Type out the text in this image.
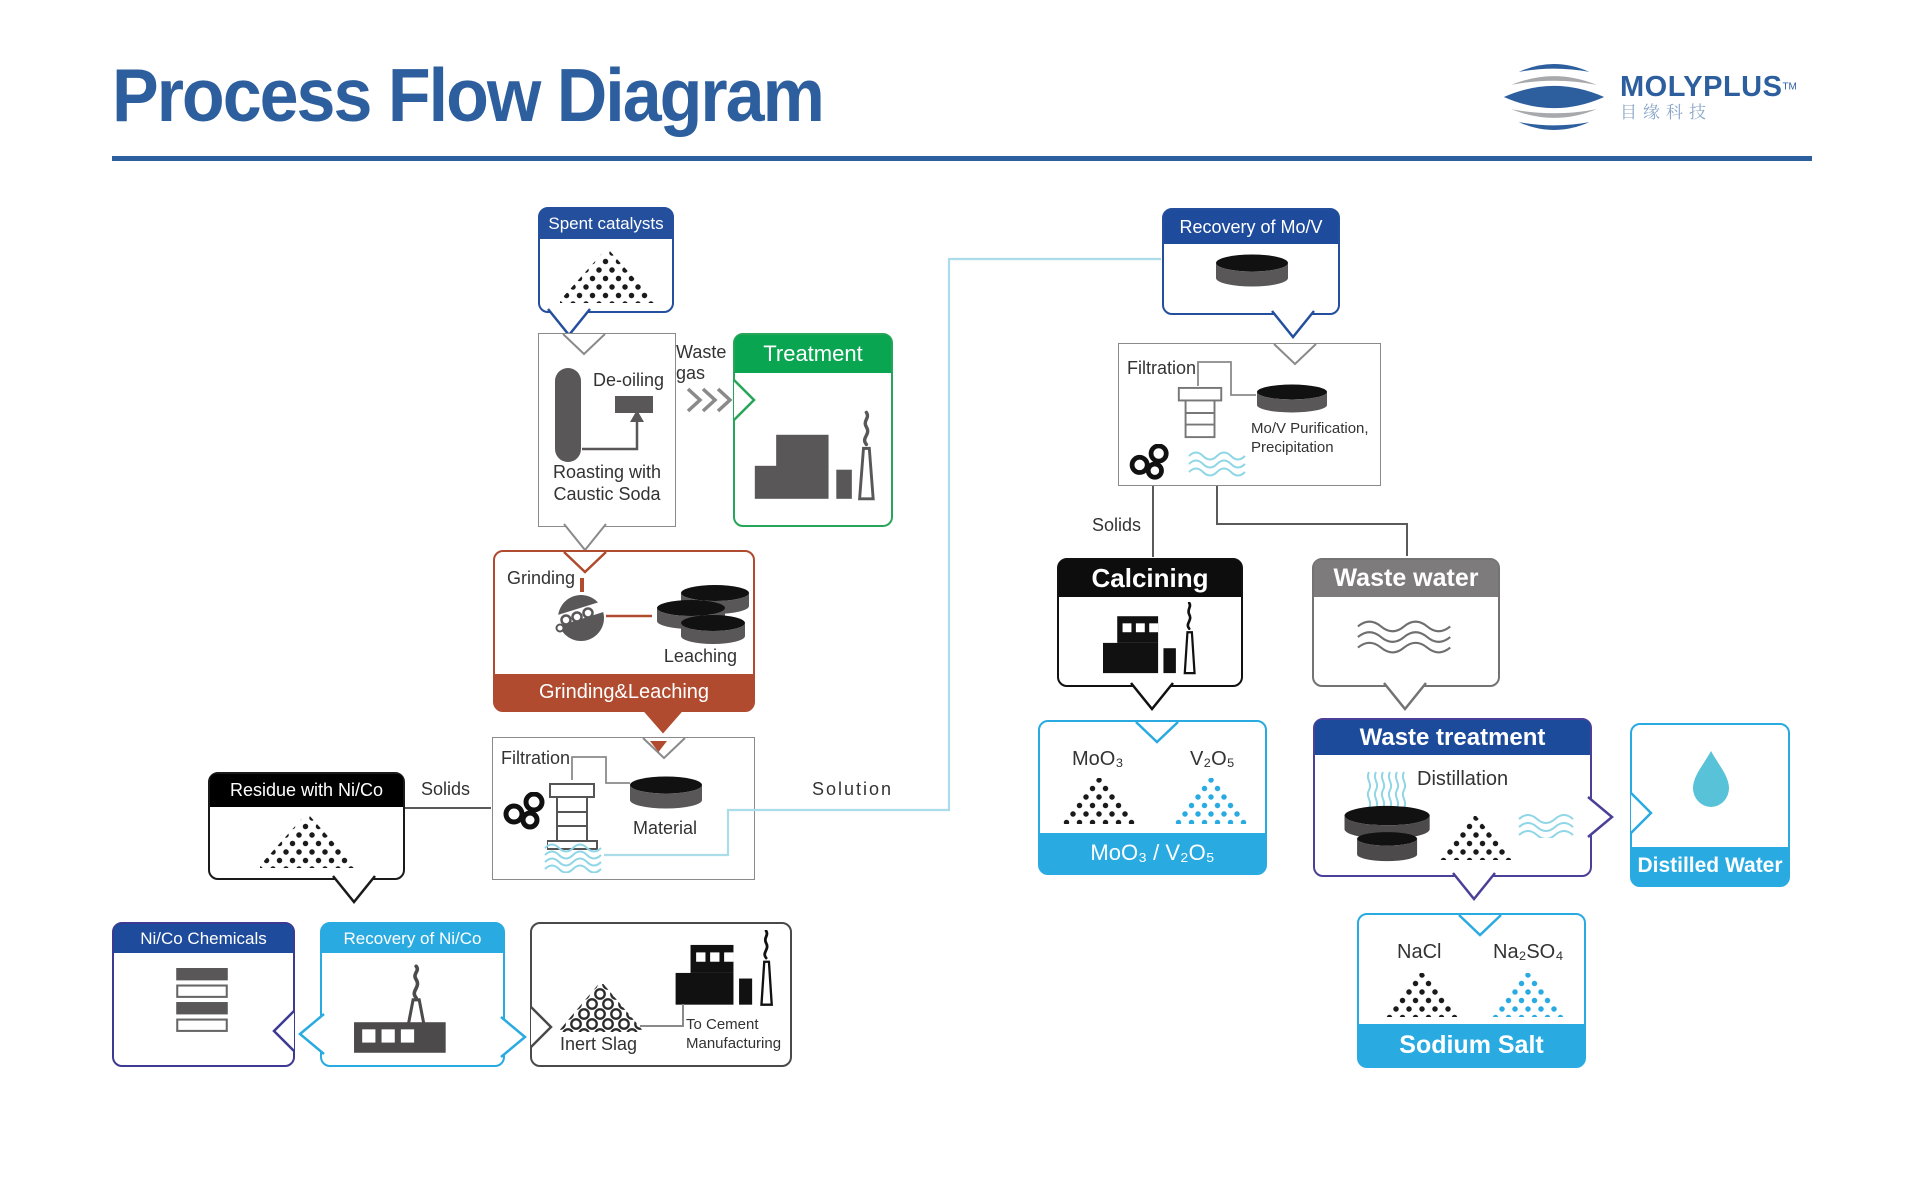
Process Flow Diagram	MOLYPLUS™
目缘科技
Waste gas
Solids	Solution
Solids
Spent catalysts
De-oiling
Roasting with Caustic Soda
Treatment
Grinding
Leaching
Grinding&Leaching
Filtration
Material
Residue with Ni/Co
Ni/Co Chemicals	Recovery of Ni/Co
Inert Slag
To Cement Manufacturing
Recovery of Mo/V
Filtration
Mo/V Purification, Precipitation
Calcining	Waste water
MoO₃	V₂O₅
MoO₃ / V₂O₅
Waste treatment
Distillation
Distilled Water
NaCl	Na₂SO₄
Sodium Salt
